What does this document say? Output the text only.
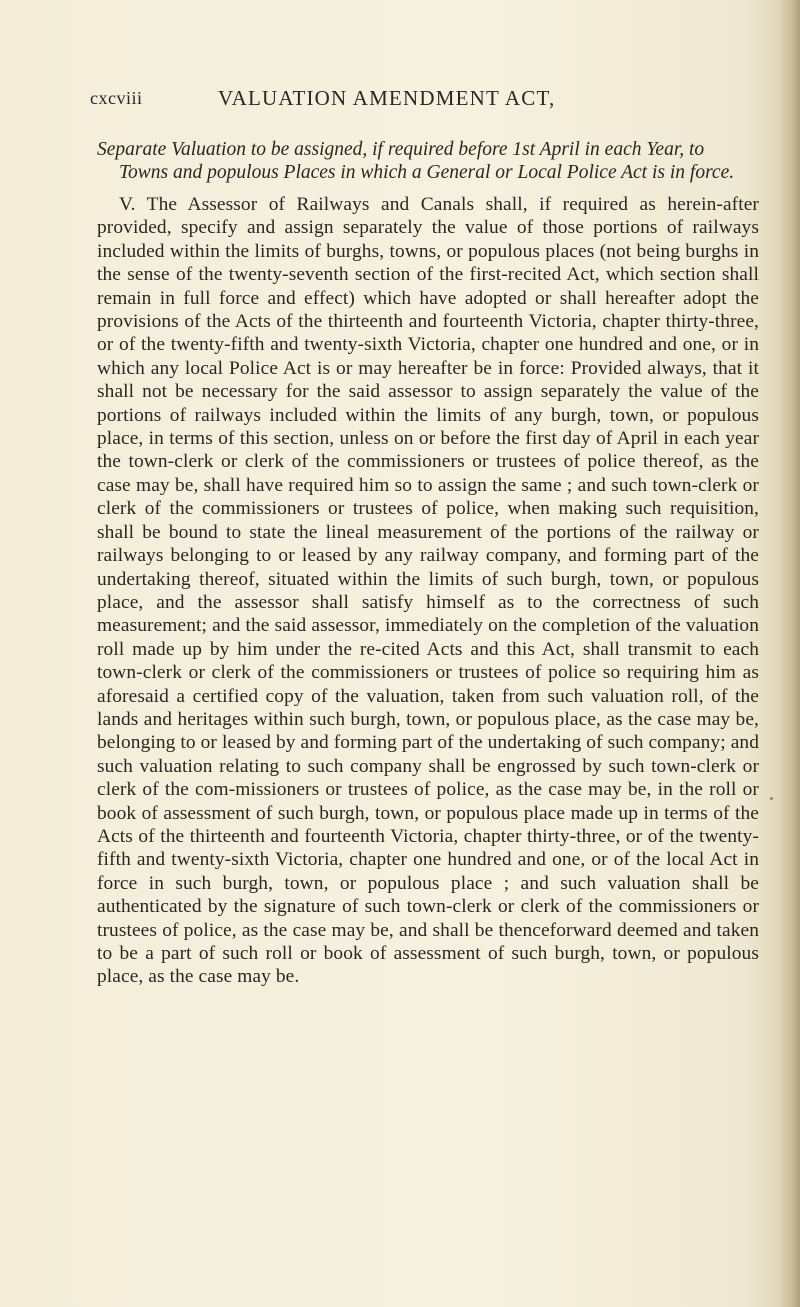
cxcviii	VALUATION AMENDMENT ACT,

Separate Valuation to be assigned, if required before 1st April in each Year, to Towns and populous Places in which a General or Local Police Act is in force.

V. The Assessor of Railways and Canals shall, if required as herein-after provided, specify and assign separately the value of those portions of railways included within the limits of burghs, towns, or populous places (not being burghs in the sense of the twenty-seventh section of the first-recited Act, which section shall remain in full force and effect) which have adopted or shall hereafter adopt the provisions of the Acts of the thirteenth and fourteenth Victoria, chapter thirty-three, or of the twenty-fifth and twenty-sixth Victoria, chapter one hundred and one, or in which any local Police Act is or may hereafter be in force: Provided always, that it shall not be necessary for the said assessor to assign separately the value of the portions of railways included within the limits of any burgh, town, or populous place, in terms of this section, unless on or before the first day of April in each year the town-clerk or clerk of the commissioners or trustees of police thereof, as the case may be, shall have required him so to assign the same ; and such town-clerk or clerk of the commissioners or trustees of police, when making such requisition, shall be bound to state the lineal measurement of the portions of the railway or railways belonging to or leased by any railway company, and forming part of the undertaking thereof, situated within the limits of such burgh, town, or populous place, and the assessor shall satisfy himself as to the correctness of such measurement; and the said assessor, immediately on the completion of the valuation roll made up by him under the re-cited Acts and this Act, shall transmit to each town-clerk or clerk of the commissioners or trustees of police so requiring him as aforesaid a certified copy of the valuation, taken from such valuation roll, of the lands and heritages within such burgh, town, or populous place, as the case may be, belonging to or leased by and forming part of the undertaking of such company; and such valuation relating to such company shall be engrossed by such town-clerk or clerk of the com-missioners or trustees of police, as the case may be, in the roll or book of assessment of such burgh, town, or populous place made up in terms of the Acts of the thirteenth and fourteenth Victoria, chapter thirty-three, or of the twenty-fifth and twenty-sixth Victoria, chapter one hundred and one, or of the local Act in force in such burgh, town, or populous place ; and such valuation shall be authenticated by the signature of such town-clerk or clerk of the commissioners or trustees of police, as the case may be, and shall be thenceforward deemed and taken to be a part of such roll or book of assessment of such burgh, town, or populous place, as the case may be.
